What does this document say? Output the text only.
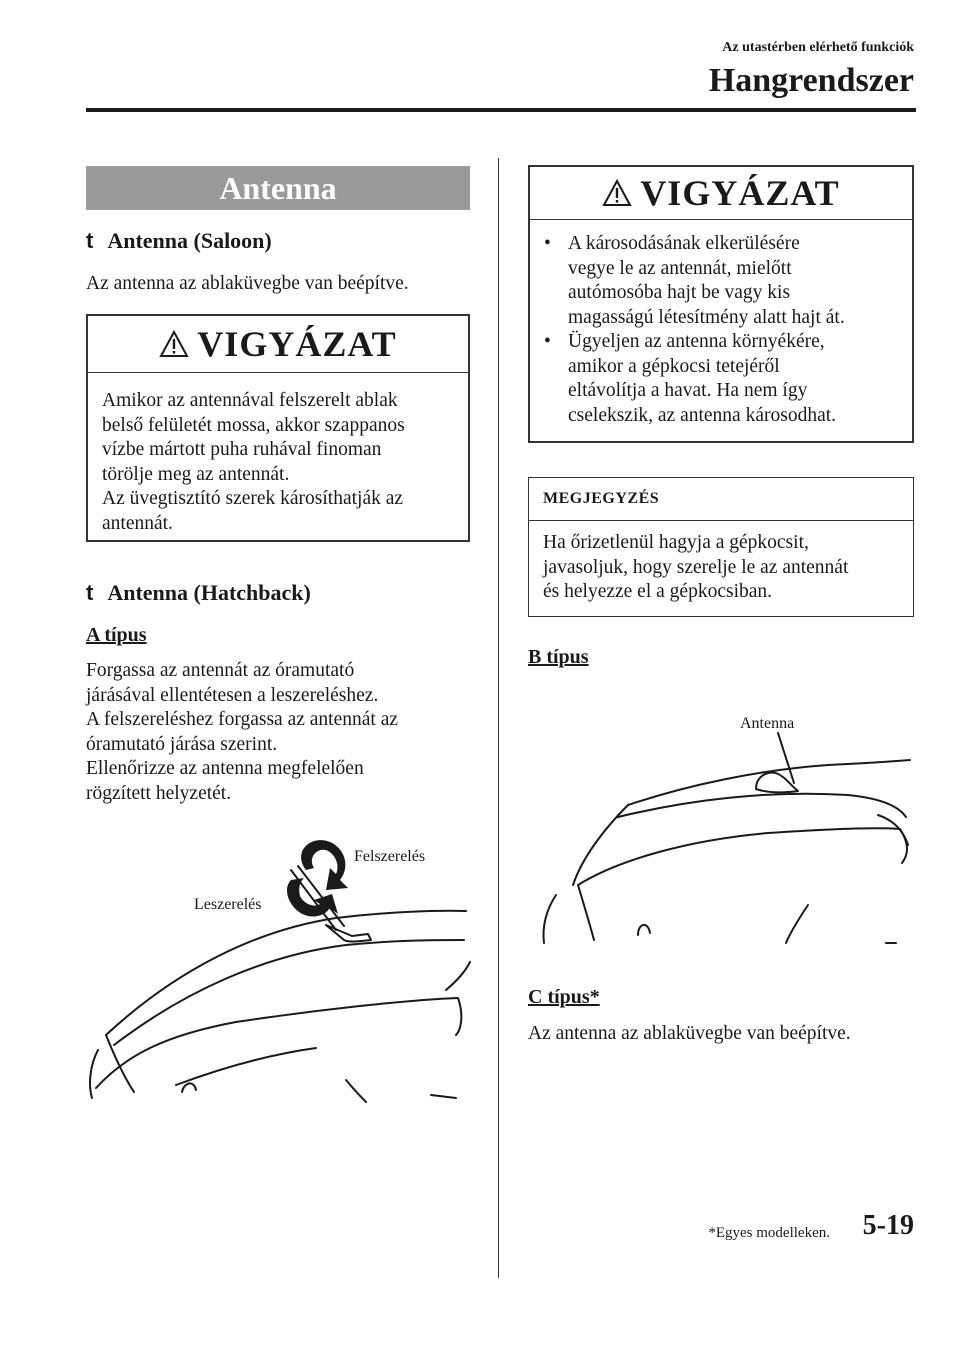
Az utastérben elérhető funkciók
Hangrendszer
Antenna
t Antenna (Saloon)
Az antenna az ablaküvegbe van beépítve.
VIGYÁZAT
Amikor az antennával felszerelt ablak
belső felületét mossa, akkor szappanos
vízbe mártott puha ruhával finoman
törölje meg az antennát.
Az üvegtisztító szerek károsíthatják az
antennát.
t Antenna (Hatchback)
A típus
Forgassa az antennát az óramutató
járásával ellentétesen a leszereléshez.
A felszereléshez forgassa az antennát az
óramutató járása szerint.
Ellenőrizze az antenna megfelelően
rögzített helyzetét.
Felszerelés
Leszerelés
VIGYÁZAT
• A károsodásának elkerülésére
vegye le az antennát, mielőtt
autómosóba hajt be vagy kis
magasságú létesítmény alatt hajt át.
• Ügyeljen az antenna környékére,
amikor a gépkocsi tetejéről
eltávolítja a havat. Ha nem így
cselekszik, az antenna károsodhat.
MEGJEGYZÉS
Ha őrizetlenül hagyja a gépkocsit,
javasoljuk, hogy szerelje le az antennát
és helyezze el a gépkocsiban.
B típus
Antenna
C típus*
Az antenna az ablaküvegbe van beépítve.
*Egyes modelleken. 5-19
